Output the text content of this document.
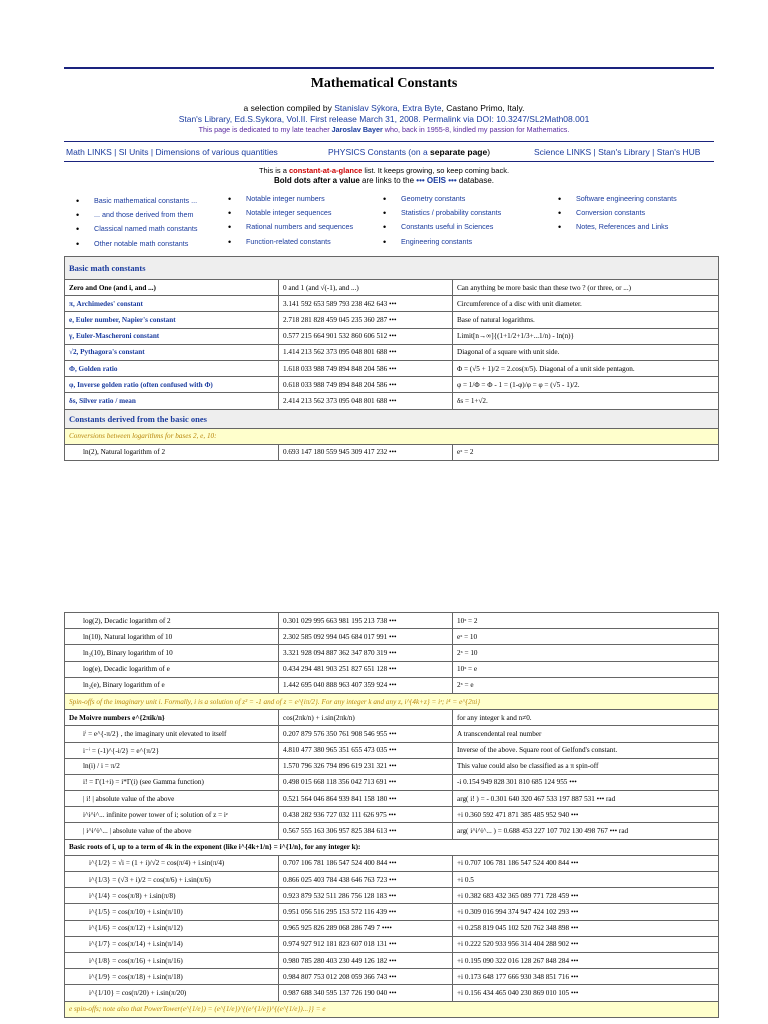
Mathematical Constants
a selection compiled by Stanislav Sýkora, Extra Byte, Castano Primo, Italy.
Stan's Library, Ed.S.Sykora, Vol.II. First release March 31, 2008. Permalink via DOI: 10.3247/SL2Math08.001
This page is dedicated to my late teacher Jaroslav Bayer who, back in 1955-8, kindled my passion for Mathematics.
Math LINKS | SI Units | Dimensions of various quantities	PHYSICS Constants (on a separate page)	Science LINKS | Stan's Library | Stan's HUB
This is a constant-at-a-glance list. It keeps growing, so keep coming back.
Bold dots after a value are links to the ••• OEIS ••• database.
• Basic mathematical constants ...
• ... and those derived from them
• Classical named math constants
• Other notable math constants
• Notable integer numbers
• Notable integer sequences
• Rational numbers and sequences
• Function-related constants
• Geometry constants
• Statistics / probability constants
• Constants useful in Sciences
• Engineering constants
• Software engineering constants
• Conversion constants
• Notes, References and Links
Basic math constants		
Zero and One (and i, and ...)	0 and 1 (and √(-1), and ...)	Can anything be more basic than these two ? (or three, or ...)
π, Archimedes' constant	3.141 592 653 589 793 238 462 643 •••	Circumference of a disc with unit diameter.
e, Euler number, Napier's constant	2.718 281 828 459 045 235 360 287 •••	Base of natural logarithms.
γ, Euler-Mascheroni constant	0.577 215 664 901 532 860 606 512 •••	Limit[n→∞]{(1+1/2+1/3+...1/n) - ln(n)}
√2, Pythagora's constant	1.414 213 562 373 095 048 801 688 •••	Diagonal of a square with unit side.
Φ, Golden ratio	1.618 033 988 749 894 848 204 586 •••	Φ = (√5 + 1)/2 = 2.cos(π/5). Diagonal of a unit side pentagon.
φ, Inverse golden ratio (often confused with Φ)	0.618 033 988 749 894 848 204 586 •••	φ = 1/Φ = Φ - 1 = (1-φ)/φ = φ = (√5 - 1)/2.
δs, Silver ratio / mean	2.414 213 562 373 095 048 801 688 •••	δs = 1+√2.
Constants derived from the basic ones		
Conversions between logarithms for bases 2, e, 10:		
ln(2), Natural logarithm of 2	0.693 147 180 559 945 309 417 232 •••	eˣ = 2
log(2), Decadic logarithm of 2	0.301 029 995 663 981 195 213 738 •••	10ˣ = 2
ln(10), Natural logarithm of 10	2.302 585 092 994 045 684 017 991 •••	eˣ = 10
ln₂(10), Binary logarithm of 10	3.321 928 094 887 362 347 870 319 •••	2ˣ = 10
log(e), Decadic logarithm of e	0.434 294 481 903 251 827 651 128 •••	10ˣ = e
ln₂(e), Binary logarithm of e	1.442 695 040 888 963 407 359 924 •••	2ˣ = e
Spin-offs of the imaginary unit i. Formally, i is a solution of z² = -1 and of z = e^{iπ/2}. For any integer k and any z, i^{4k+z} = iᶻ; i⁴ = e^{2πi}		
De Moivre numbers e^{2πik/n}	cos(2πk/n) + i.sin(2πk/n)	for any integer k and n≠0.
iⁱ = e^{-π/2} , the imaginary unit elevated to itself	0.207 879 576 350 761 908 546 955 •••	A transcendental real number
i⁻ⁱ = (-1)^{-i/2} = e^{π/2}	4.810 477 380 965 351 655 473 035 •••	Inverse of the above. Square root of Gelfond's constant.
ln(i) / i = π/2	1.570 796 326 794 896 619 231 321 •••	This value could also be classified as a π spin-off
i! = Γ(1+i) = i*Γ(i) (see Gamma function)	0.498 015 668 118 356 042 713 691 •••	-i 0.154 949 828 301 810 685 124 955 •••
| i! | absolute value of the above	0.521 564 046 864 939 841 158 180 •••	arg( i! ) = - 0.301 640 320 467 533 197 887 531 ••• rad
i^i^i^... infinite power tower of i; solution of z = iᶻ	0.438 282 936 727 032 111 626 975 •••	+i 0.360 592 471 871 385 485 952 940 •••
| i^i^i^... | absolute value of the above	0.567 555 163 306 957 825 384 613 •••	arg( i^i^i^... ) = 0.688 453 227 107 702 130 498 767 ••• rad
Basic roots of i, up to a term of 4k in the exponent (like i^{4k+1/n} = i^{1/n}, for any integer k):		
i^{1/2} = √i = (1 + i)/√2 = cos(π/4) + i.sin(π/4)	0.707 106 781 186 547 524 400 844 •••	+i 0.707 106 781 186 547 524 400 844 •••
i^{1/3} = (√3 + i)/2 = cos(π/6) + i.sin(π/6)	0.866 025 403 784 438 646 763 723 •••	+i 0.5
i^{1/4} = cos(π/8) + i.sin(π/8)	0.923 879 532 511 286 756 128 183 •••	+i 0.382 683 432 365 089 771 728 459 •••
i^{1/5} = cos(π/10) + i.sin(π/10)	0.951 056 516 295 153 572 116 439 •••	+i 0.309 016 994 374 947 424 102 293 •••
i^{1/6} = cos(π/12) + i.sin(π/12)	0.965 925 826 289 068 286 749 7 ••••	+i 0.258 819 045 102 520 762 348 898 •••
i^{1/7} = cos(π/14) + i.sin(π/14)	0.974 927 912 181 823 607 018 131 •••	+i 0.222 520 933 956 314 404 288 902 •••
i^{1/8} = cos(π/16) + i.sin(π/16)	0.980 785 280 403 230 449 126 182 •••	+i 0.195 090 322 016 128 267 848 284 •••
i^{1/9} = cos(π/18) + i.sin(π/18)	0.984 807 753 012 208 059 366 743 •••	+i 0.173 648 177 666 930 348 851 716 •••
i^{1/10} = cos(π/20) + i.sin(π/20)	0.987 688 340 595 137 726 190 040 •••	+i 0.156 434 465 040 230 869 010 105 •••
e spin-offs; note also that PowerTower(e^{1/e}) = (e^{1/e})^{(e^{1/e})^{(e^{1/e})...}} = e		
